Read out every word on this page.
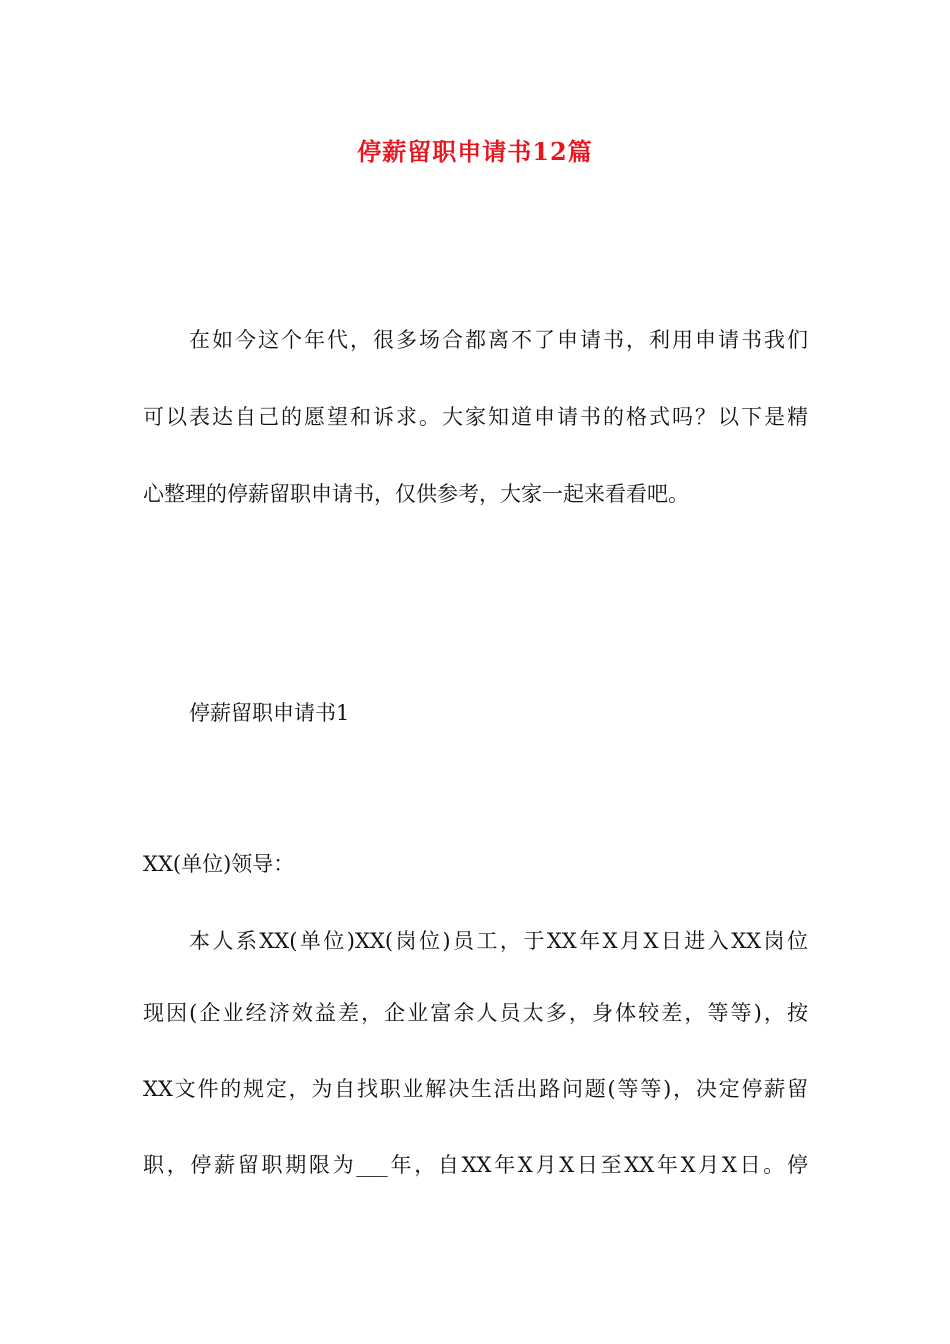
停薪留职申请书12篇
在如今这个年代，很多场合都离不了申请书，利用申请书我们
可以表达自己的愿望和诉求。大家知道申请书的格式吗？以下是精
心整理的停薪留职申请书，仅供参考，大家一起来看看吧。
停薪留职申请书1
XX(单位)领导：
本人系XX(单位)XX(岗位)员工，于XX年X月X日进入XX岗位
现因(企业经济效益差，企业富余人员太多，身体较差，等等)，按
XX文件的规定，为自找职业解决生活出路问题(等等)，决定停薪留
职，停薪留职期限为___年，自XX年X月X日至XX年X月X日。停
